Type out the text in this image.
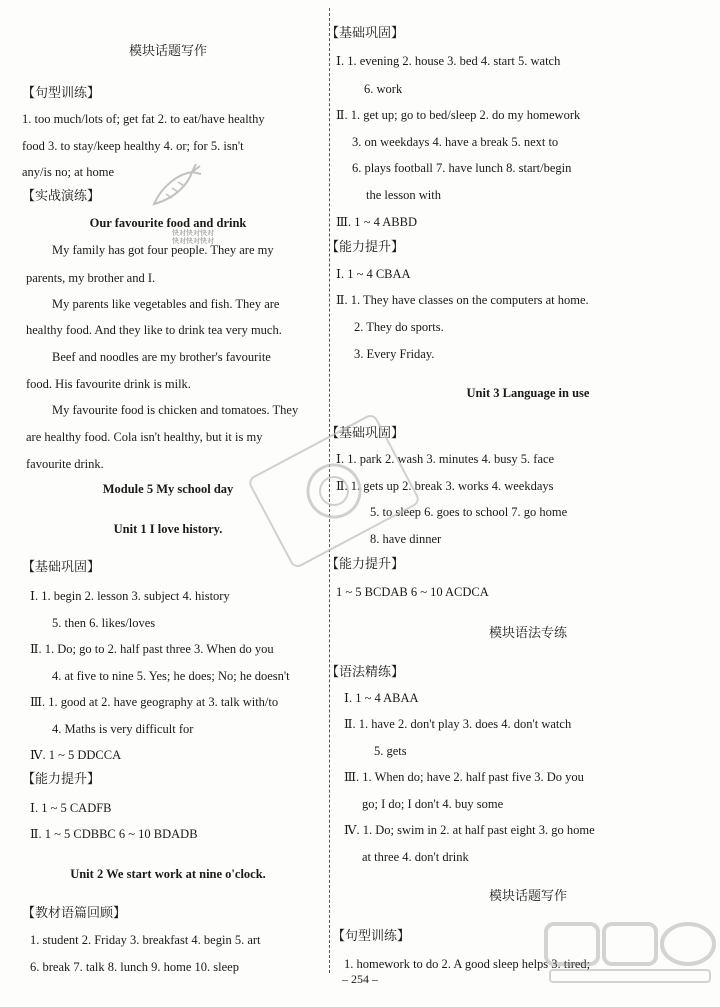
模块话题写作
【句型训练】
1. too much/lots of; get fat 2. to eat/have healthy
food 3. to stay/keep healthy 4. or; for 5. isn't
any/is no; at home
【实战演练】
Our favourite food and drink
My family has got four people. They are my
parents, my brother and I.
My parents like vegetables and fish. They are
healthy food. And they like to drink tea very much.
Beef and noodles are my brother's favourite
food. His favourite drink is milk.
My favourite food is chicken and tomatoes. They
are healthy food. Cola isn't healthy, but it is my
favourite drink.
Module 5 My school day
Unit 1 I love history.
【基础巩固】
Ⅰ. 1. begin 2. lesson 3. subject 4. history
5. then 6. likes/loves
Ⅱ. 1. Do; go to 2. half past three 3. When do you
4. at five to nine 5. Yes; he does; No; he doesn't
Ⅲ. 1. good at 2. have geography at 3. talk with/to
4. Maths is very difficult for
Ⅳ. 1 ~ 5 DDCCA
【能力提升】
Ⅰ. 1 ~ 5 CADFB
Ⅱ. 1 ~ 5 CDBBC 6 ~ 10 BDADB
Unit 2 We start work at nine o'clock.
【教材语篇回顾】
1. student 2. Friday 3. breakfast 4. begin 5. art
6. break 7. talk 8. lunch 9. home 10. sleep
【基础巩固】
Ⅰ. 1. evening 2. house 3. bed 4. start 5. watch
6. work
Ⅱ. 1. get up; go to bed/sleep 2. do my homework
3. on weekdays 4. have a break 5. next to
6. plays football 7. have lunch 8. start/begin
the lesson with
Ⅲ. 1 ~ 4 ABBD
【能力提升】
Ⅰ. 1 ~ 4 CBAA
Ⅱ. 1. They have classes on the computers at home.
2. They do sports.
3. Every Friday.
Unit 3 Language in use
【基础巩固】
Ⅰ. 1. park 2. wash 3. minutes 4. busy 5. face
Ⅱ. 1. gets up 2. break 3. works 4. weekdays
5. to sleep 6. goes to school 7. go home
8. have dinner
【能力提升】
1 ~ 5 BCDAB 6 ~ 10 ACDCA
模块语法专练
【语法精练】
Ⅰ. 1 ~ 4 ABAA
Ⅱ. 1. have 2. don't play 3. does 4. don't watch
5. gets
Ⅲ. 1. When do; have 2. half past five 3. Do you
go; I do; I don't 4. buy some
Ⅳ. 1. Do; swim in 2. at half past eight 3. go home
at three 4. don't drink
模块话题写作
【句型训练】
1. homework to do 2. A good sleep helps 3. tired;
快对快对快对
快对快对快对
– 254 –
